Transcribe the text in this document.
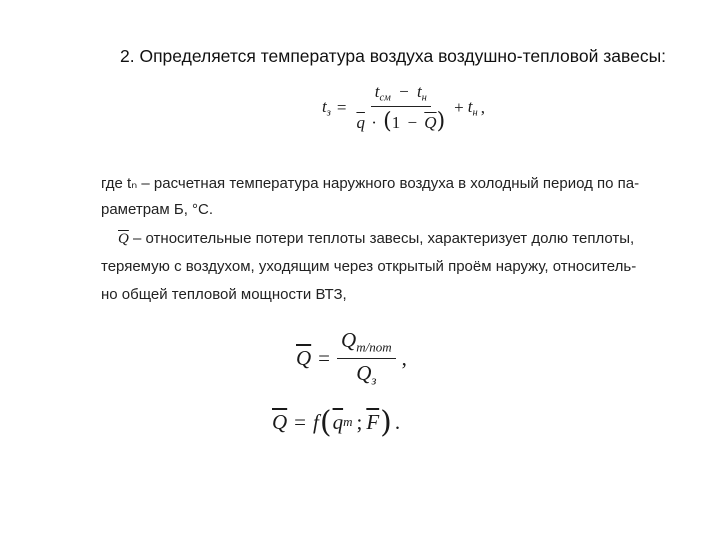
2. Определяется температура воздуха воздушно-тепловой завесы:
$t_з = \frac{t_{см} - t_н}{\overline{q} \cdot (1 - \overline{Q})} + t_н$ ,
где tₙ – расчетная температура наружного воздуха в холодный период по па-
раметрам Б, °С.
$\overline{Q}$ – относительные потери теплоты завесы, характеризует долю теплоты,
теряемую с воздухом, уходящим через открытый проём наружу, относитель-
но общей тепловой мощности ВТЗ,
$\overline{Q} = \frac{Q_{т/пот}}{Q_з}$ ,
$\overline{Q} = f$ ( $\overline{q}$ т ; $\overline{F}$ ) .
